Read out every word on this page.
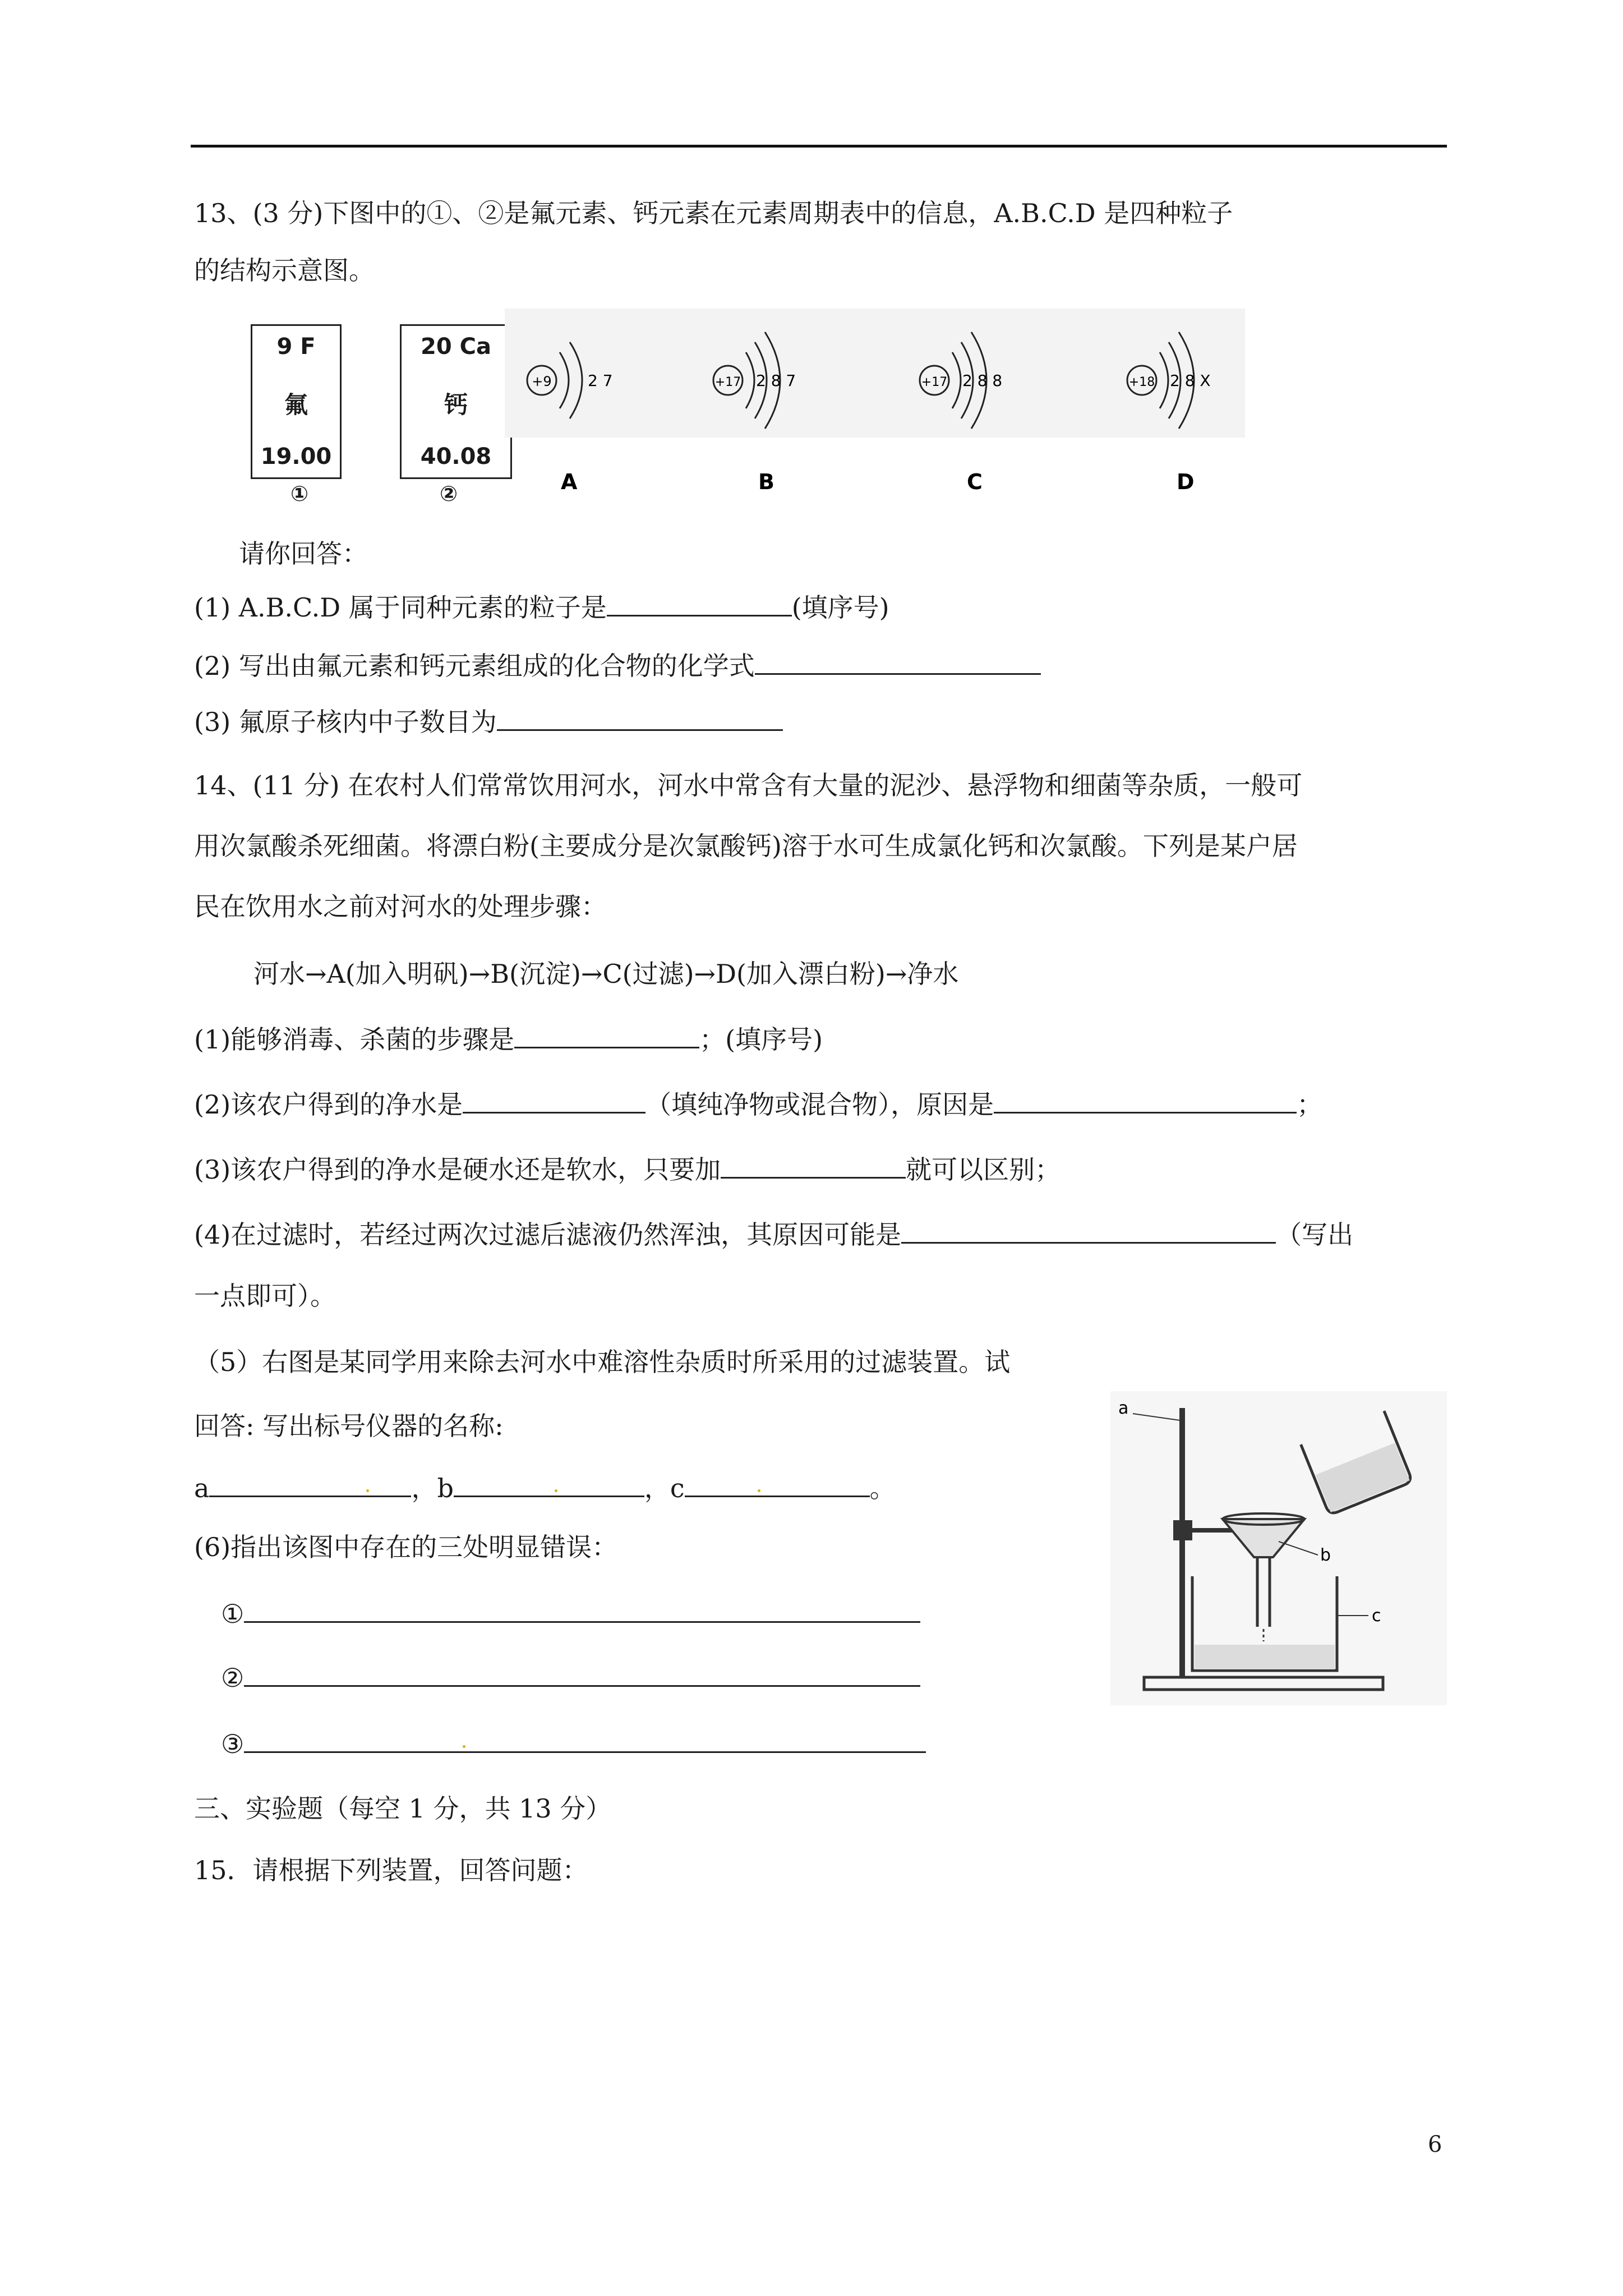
13、(3 分)下图中的①、②是氟元素、钙元素在元素周期表中的信息，A.B.C.D 是四种粒子
的结构示意图。
9 F
氟
19.00
①
20 Ca
钙
40.08
②
+9 2 7	+17 2 8 7	+17 2 8 8	+18 2 8 X
A	B	C	D
请你回答：
(1) A.B.C.D 属于同种元素的粒子是	(填序号)
(2) 写出由氟元素和钙元素组成的化合物的化学式
(3) 氟原子核内中子数目为
14、(11 分) 在农村人们常常饮用河水，河水中常含有大量的泥沙、悬浮物和细菌等杂质，一般可
用次氯酸杀死细菌。将漂白粉(主要成分是次氯酸钙)溶于水可生成氯化钙和次氯酸。下列是某户居
民在饮用水之前对河水的处理步骤：
河水→A(加入明矾)→B(沉淀)→C(过滤)→D(加入漂白粉)→净水
(1)能够消毒、杀菌的步骤是	；(填序号)
(2)该农户得到的净水是	（填纯净物或混合物），原因是	；
(3)该农户得到的净水是硬水还是软水，只要加	就可以区别；
(4)在过滤时，若经过两次过滤后滤液仍然浑浊，其原因可能是	（写出
一点即可）。
（5）右图是某同学用来除去河水中难溶性杂质时所采用的过滤装置。试
回答: 写出标号仪器的名称:
a	，b	，c	。
(6)指出该图中存在的三处明显错误：
①
②
③
a
b
c
三、实验题（每空 1 分，共 13 分）
15．请根据下列装置，回答问题：
6
